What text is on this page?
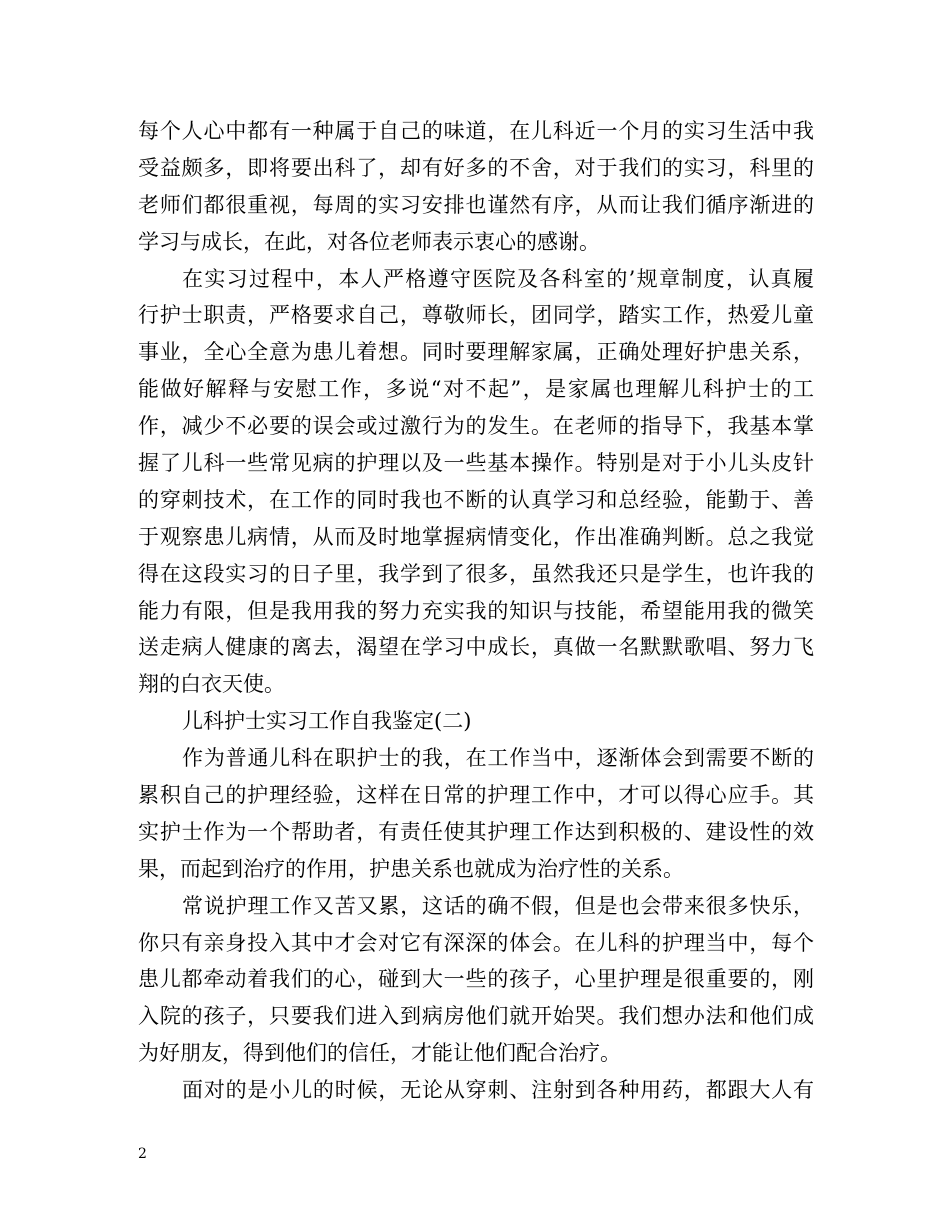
每个人心中都有一种属于自己的味道，在儿科近一个月的实习生活中我
受益颇多，即将要出科了，却有好多的不舍，对于我们的实习，科里的
老师们都很重视，每周的实习安排也谨然有序，从而让我们循序渐进的
学习与成长，在此，对各位老师表示衷心的感谢。
在实习过程中，本人严格遵守医院及各科室的’规章制度，认真履
行护士职责，严格要求自己，尊敬师长，团同学，踏实工作，热爱儿童
事业，全心全意为患儿着想。同时要理解家属，正确处理好护患关系，
能做好解释与安慰工作，多说“对不起”，是家属也理解儿科护士的工
作，减少不必要的误会或过激行为的发生。在老师的指导下，我基本掌
握了儿科一些常见病的护理以及一些基本操作。特别是对于小儿头皮针
的穿刺技术，在工作的同时我也不断的认真学习和总经验，能勤于、善
于观察患儿病情，从而及时地掌握病情变化，作出准确判断。总之我觉
得在这段实习的日子里，我学到了很多，虽然我还只是学生，也许我的
能力有限，但是我用我的努力充实我的知识与技能，希望能用我的微笑
送走病人健康的离去，渴望在学习中成长，真做一名默默歌唱、努力飞
翔的白衣天使。
儿科护士实习工作自我鉴定(二)
作为普通儿科在职护士的我，在工作当中，逐渐体会到需要不断的
累积自己的护理经验，这样在日常的护理工作中，才可以得心应手。其
实护士作为一个帮助者，有责任使其护理工作达到积极的、建设性的效
果，而起到治疗的作用，护患关系也就成为治疗性的关系。
常说护理工作又苦又累，这话的确不假，但是也会带来很多快乐，
你只有亲身投入其中才会对它有深深的体会。在儿科的护理当中，每个
患儿都牵动着我们的心，碰到大一些的孩子，心里护理是很重要的，刚
入院的孩子，只要我们进入到病房他们就开始哭。我们想办法和他们成
为好朋友，得到他们的信任，才能让他们配合治疗。
面对的是小儿的时候，无论从穿刺、注射到各种用药，都跟大人有
2
